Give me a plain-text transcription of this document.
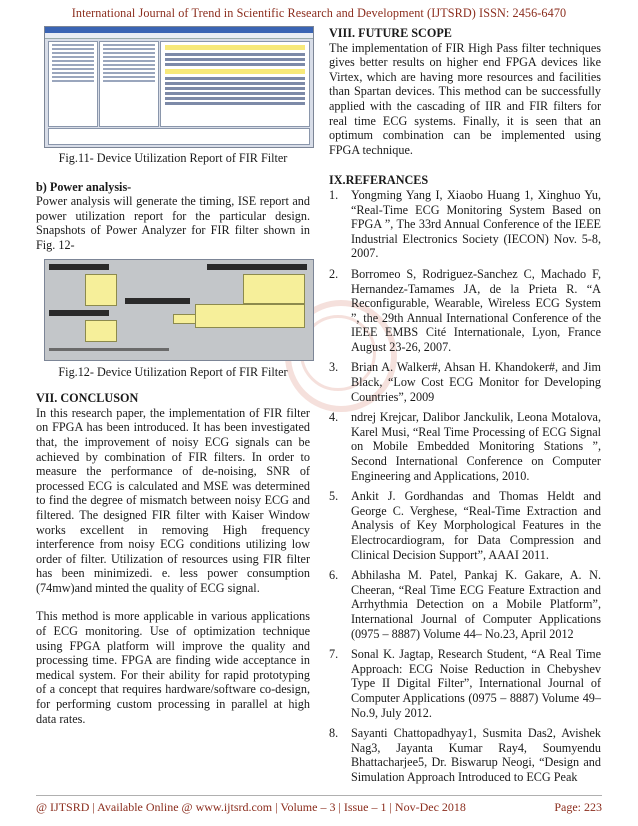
International Journal of Trend in Scientific Research and Development (IJTSRD) ISSN: 2456-6470

Fig.11- Device Utilization Report of FIR Filter

b) Power analysis-

Power analysis will generate the timing, ISE report and power utilization report for the particular design. Snapshots of Power Analyzer for FIR filter shown in Fig. 12-

Fig.12- Device Utilization Report of FIR Filter

VII. CONCLUSON

In this research paper, the implementation of FIR filter on FPGA has been introduced. It has been investigated that, the improvement of noisy ECG signals can be achieved by combination of FIR filters. In order to measure the performance of de-noising, SNR of processed ECG is calculated and MSE was determined to find the degree of mismatch between noisy ECG and filtered. The designed FIR filter with Kaiser Window works excellent in removing High frequency interference from noisy ECG conditions utilizing low order of filter. Utilization of resources using FIR filter has been minimizedi. e. less power consumption (74mw)and minted the quality of ECG signal.

This method is more applicable in various applications of ECG monitoring. Use of optimization technique using FPGA platform will improve the quality and processing time. FPGA are finding wide acceptance in medical system. For their ability for rapid prototyping of a concept that requires hardware/software co-design, for performing custom processing in parallel at high data rates.

VIII. FUTURE SCOPE

The implementation of FIR High Pass filter techniques gives better results on higher end FPGA devices like Virtex, which are having more resources and facilities than Spartan devices. This method can be successfully applied with the cascading of IIR and FIR filters for real time ECG systems. Finally, it is seen that an optimum combination can be implemented using FPGA technique.

IX.REFERANCES

1. Yongming Yang I, Xiaobo Huang 1, Xinghuo Yu, “Real-Time ECG Monitoring System Based on FPGA ”, The 33rd Annual Conference of the IEEE Industrial Electronics Society (IECON) Nov. 5-8, 2007.
2. Borromeo S, Rodriguez-Sanchez C, Machado F, Hernandez-Tamames JA, de la Prieta R. “A Reconfigurable, Wearable, Wireless ECG System ”, the 29th Annual International Conference of the IEEE EMBS Cité Internationale, Lyon, France August 23-26, 2007.
3. Brian A. Walker#, Ahsan H. Khandoker#, and Jim Black, “Low Cost ECG Monitor for Developing Countries”, 2009
4. ndrej Krejcar, Dalibor Janckulik, Leona Motalova, Karel Musi, “Real Time Processing of ECG Signal on Mobile Embedded Monitoring Stations ”, Second International Conference on Computer Engineering and Applications, 2010.
5. Ankit J. Gordhandas and Thomas Heldt and George C. Verghese, “Real-Time Extraction and Analysis of Key Morphological Features in the Electrocardiogram, for Data Compression and Clinical Decision Support”, AAAI 2011.
6. Abhilasha M. Patel, Pankaj K. Gakare, A. N. Cheeran, “Real Time ECG Feature Extraction and Arrhythmia Detection on a Mobile Platform”, International Journal of Computer Applications (0975 – 8887) Volume 44– No.23, April 2012
7. Sonal K. Jagtap, Research Student, “A Real Time Approach: ECG Noise Reduction in Chebyshev Type II Digital Filter”, International Journal of Computer Applications (0975 – 8887) Volume 49– No.9, July 2012.
8. Sayanti Chattopadhyay1, Susmita Das2, Avishek Nag3, Jayanta Kumar Ray4, Soumyendu Bhattacharjee5, Dr. Biswarup Neogi, “Design and Simulation Approach Introduced to ECG Peak
@ IJTSRD | Available Online @ www.ijtsrd.com | Volume – 3 | Issue – 1 | Nov-Dec 2018	Page: 223
